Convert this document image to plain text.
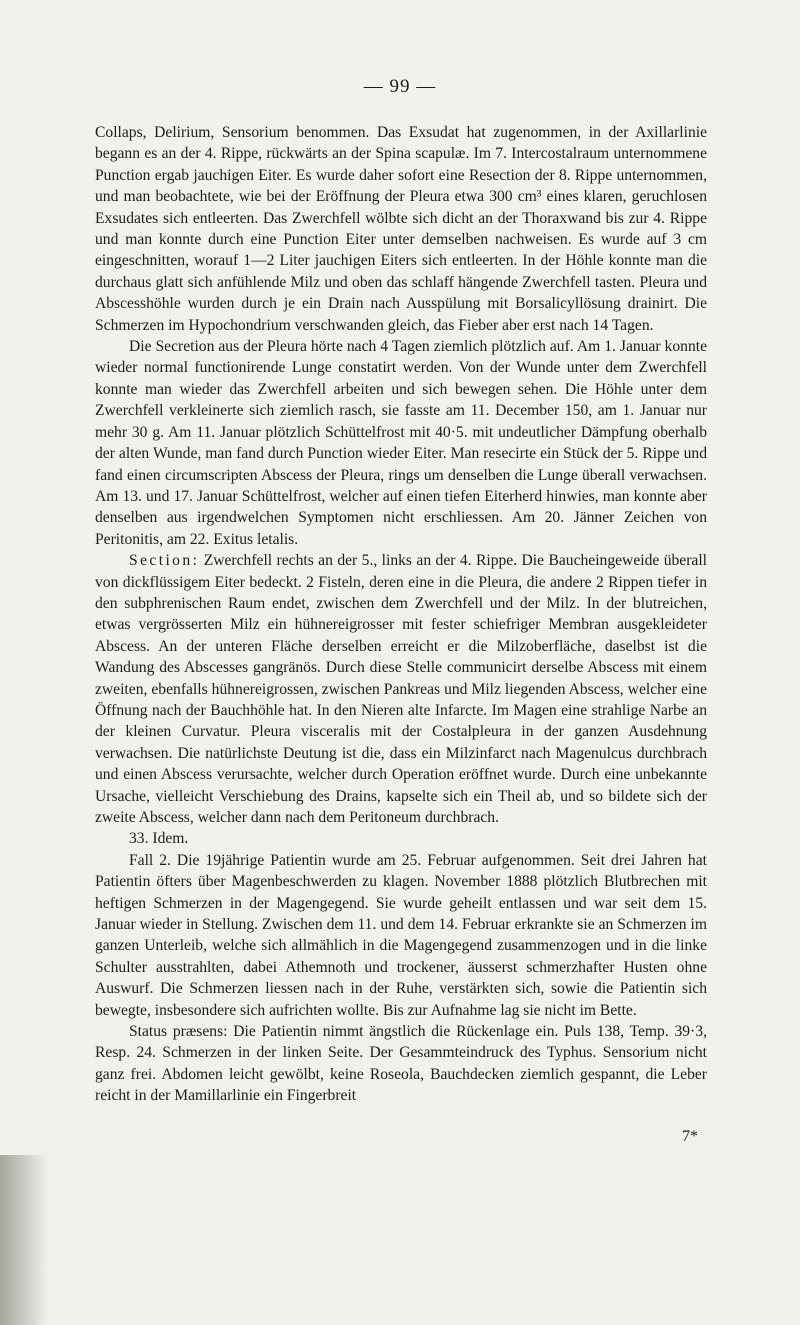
— 99 —

Collaps, Delirium, Sensorium benommen. Das Exsudat hat zugenommen, in der Axillarlinie begann es an der 4. Rippe, rückwärts an der Spina scapulæ. Im 7. Intercostalraum unternommene Punction ergab jauchigen Eiter. Es wurde daher sofort eine Resection der 8. Rippe unternommen, und man beobachtete, wie bei der Eröffnung der Pleura etwa 300 cm³ eines klaren, geruchlosen Exsudates sich entleerten. Das Zwerchfell wölbte sich dicht an der Thoraxwand bis zur 4. Rippe und man konnte durch eine Punction Eiter unter demselben nachweisen. Es wurde auf 3 cm eingeschnitten, worauf 1—2 Liter jauchigen Eiters sich entleerten. In der Höhle konnte man die durchaus glatt sich anfühlende Milz und oben das schlaff hängende Zwerchfell tasten. Pleura und Abscesshöhle wurden durch je ein Drain nach Ausspülung mit Borsalicyllösung drainirt. Die Schmerzen im Hypochondrium verschwanden gleich, das Fieber aber erst nach 14 Tagen.

Die Secretion aus der Pleura hörte nach 4 Tagen ziemlich plötzlich auf. Am 1. Januar konnte wieder normal functionirende Lunge constatirt werden. Von der Wunde unter dem Zwerchfell konnte man wieder das Zwerchfell arbeiten und sich bewegen sehen. Die Höhle unter dem Zwerchfell verkleinerte sich ziemlich rasch, sie fasste am 11. December 150, am 1. Januar nur mehr 30 g. Am 11. Januar plötzlich Schüttelfrost mit 40·5. mit undeutlicher Dämpfung oberhalb der alten Wunde, man fand durch Punction wieder Eiter. Man resecirte ein Stück der 5. Rippe und fand einen circumscripten Abscess der Pleura, rings um denselben die Lunge überall verwachsen. Am 13. und 17. Januar Schüttelfrost, welcher auf einen tiefen Eiterherd hinwies, man konnte aber denselben aus irgendwelchen Symptomen nicht erschliessen. Am 20. Jänner Zeichen von Peritonitis, am 22. Exitus letalis.

Section: Zwerchfell rechts an der 5., links an der 4. Rippe. Die Baucheingeweide überall von dickflüssigem Eiter bedeckt. 2 Fisteln, deren eine in die Pleura, die andere 2 Rippen tiefer in den subphrenischen Raum endet, zwischen dem Zwerchfell und der Milz. In der blutreichen, etwas vergrösserten Milz ein hühnereigrosser mit fester schiefriger Membran ausgekleideter Abscess. An der unteren Fläche derselben erreicht er die Milzoberfläche, daselbst ist die Wandung des Abscesses gangränös. Durch diese Stelle communicirt derselbe Abscess mit einem zweiten, ebenfalls hühnereigrossen, zwischen Pankreas und Milz liegenden Abscess, welcher eine Öffnung nach der Bauchhöhle hat. In den Nieren alte Infarcte. Im Magen eine strahlige Narbe an der kleinen Curvatur. Pleura visceralis mit der Costalpleura in der ganzen Ausdehnung verwachsen. Die natürlichste Deutung ist die, dass ein Milzinfarct nach Magenulcus durchbrach und einen Abscess verursachte, welcher durch Operation eröffnet wurde. Durch eine unbekannte Ursache, vielleicht Verschiebung des Drains, kapselte sich ein Theil ab, und so bildete sich der zweite Abscess, welcher dann nach dem Peritoneum durchbrach.

33. Idem.

Fall 2. Die 19jährige Patientin wurde am 25. Februar aufgenommen. Seit drei Jahren hat Patientin öfters über Magenbeschwerden zu klagen. November 1888 plötzlich Blutbrechen mit heftigen Schmerzen in der Magengegend. Sie wurde geheilt entlassen und war seit dem 15. Januar wieder in Stellung. Zwischen dem 11. und dem 14. Februar erkrankte sie an Schmerzen im ganzen Unterleib, welche sich allmählich in die Magengegend zusammenzogen und in die linke Schulter ausstrahlten, dabei Athemnoth und trockener, äusserst schmerzhafter Husten ohne Auswurf. Die Schmerzen liessen nach in der Ruhe, verstärkten sich, sowie die Patientin sich bewegte, insbesondere sich aufrichten wollte. Bis zur Aufnahme lag sie nicht im Bette.

Status præsens: Die Patientin nimmt ängstlich die Rückenlage ein. Puls 138, Temp. 39·3, Resp. 24. Schmerzen in der linken Seite. Der Gesammteindruck des Typhus. Sensorium nicht ganz frei. Abdomen leicht gewölbt, keine Roseola, Bauchdecken ziemlich gespannt, die Leber reicht in der Mamillarlinie ein Fingerbreit

7*
